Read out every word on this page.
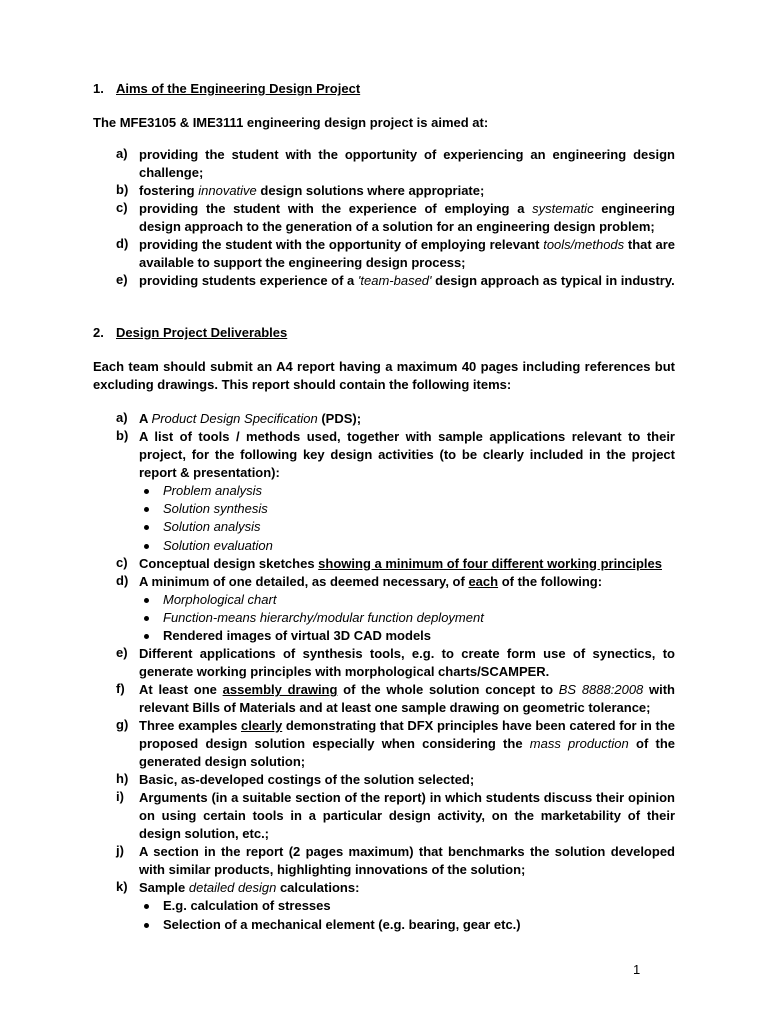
1. Aims of the Engineering Design Project
The MFE3105 & IME3111 engineering design project is aimed at:
a) providing the student with the opportunity of experiencing an engineering design challenge;
b) fostering innovative design solutions where appropriate;
c) providing the student with the experience of employing a systematic engineering design approach to the generation of a solution for an engineering design problem;
d) providing the student with the opportunity of employing relevant tools/methods that are available to support the engineering design process;
e) providing students experience of a 'team-based' design approach as typical in industry.
2. Design Project Deliverables
Each team should submit an A4 report having a maximum 40 pages including references but excluding drawings. This report should contain the following items:
a) A Product Design Specification (PDS);
b) A list of tools / methods used, together with sample applications relevant to their project, for the following key design activities (to be clearly included in the project report & presentation):
Problem analysis
Solution synthesis
Solution analysis
Solution evaluation
c) Conceptual design sketches showing a minimum of four different working principles
d) A minimum of one detailed, as deemed necessary, of each of the following:
Morphological chart
Function-means hierarchy/modular function deployment
Rendered images of virtual 3D CAD models
e) Different applications of synthesis tools, e.g. to create form use of synectics, to generate working principles with morphological charts/SCAMPER.
f)	At least one assembly drawing of the whole solution concept to BS 8888:2008 with relevant Bills of Materials and at least one sample drawing on geometric tolerance;
g) Three examples clearly demonstrating that DFX principles have been catered for in the proposed design solution especially when considering the mass production of the generated design solution;
h) Basic, as-developed costings of the solution selected;
i)	Arguments (in a suitable section of the report) in which students discuss their opinion on using certain tools in a particular design activity, on the marketability of their design solution, etc.;
j)	A section in the report (2 pages maximum) that benchmarks the solution developed with similar products, highlighting innovations of the solution;
k) Sample detailed design calculations:
E.g. calculation of stresses
Selection of a mechanical element (e.g. bearing, gear etc.)
1
